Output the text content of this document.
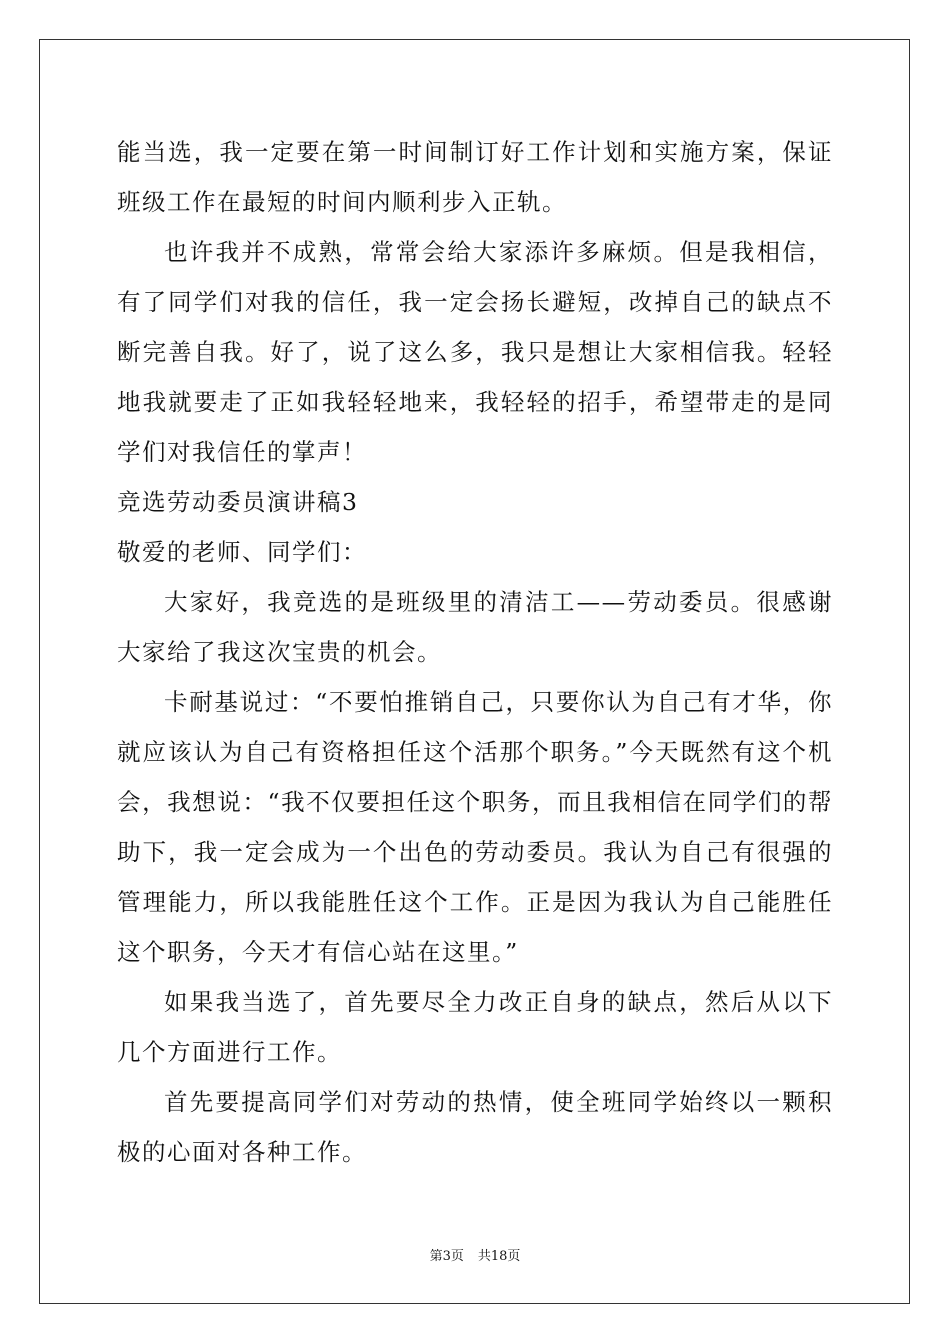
能当选，我一定要在第一时间制订好工作计划和实施方案，保证班级工作在最短的时间内顺利步入正轨。

也许我并不成熟，常常会给大家添许多麻烦。但是我相信，有了同学们对我的信任，我一定会扬长避短，改掉自己的缺点不断完善自我。好了，说了这么多，我只是想让大家相信我。轻轻地我就要走了正如我轻轻地来，我轻轻的招手，希望带走的是同学们对我信任的掌声！

竞选劳动委员演讲稿3

敬爱的老师、同学们：

大家好，我竞选的是班级里的清洁工——劳动委员。很感谢大家给了我这次宝贵的机会。

卡耐基说过：“不要怕推销自己，只要你认为自己有才华，你就应该认为自己有资格担任这个活那个职务。”今天既然有这个机会，我想说：“我不仅要担任这个职务，而且我相信在同学们的帮助下，我一定会成为一个出色的劳动委员。我认为自己有很强的管理能力，所以我能胜任这个工作。正是因为我认为自己能胜任这个职务，今天才有信心站在这里。”

如果我当选了，首先要尽全力改正自身的缺点，然后从以下几个方面进行工作。

首先要提高同学们对劳动的热情，使全班同学始终以一颗积极的心面对各种工作。

第3页 共18页
